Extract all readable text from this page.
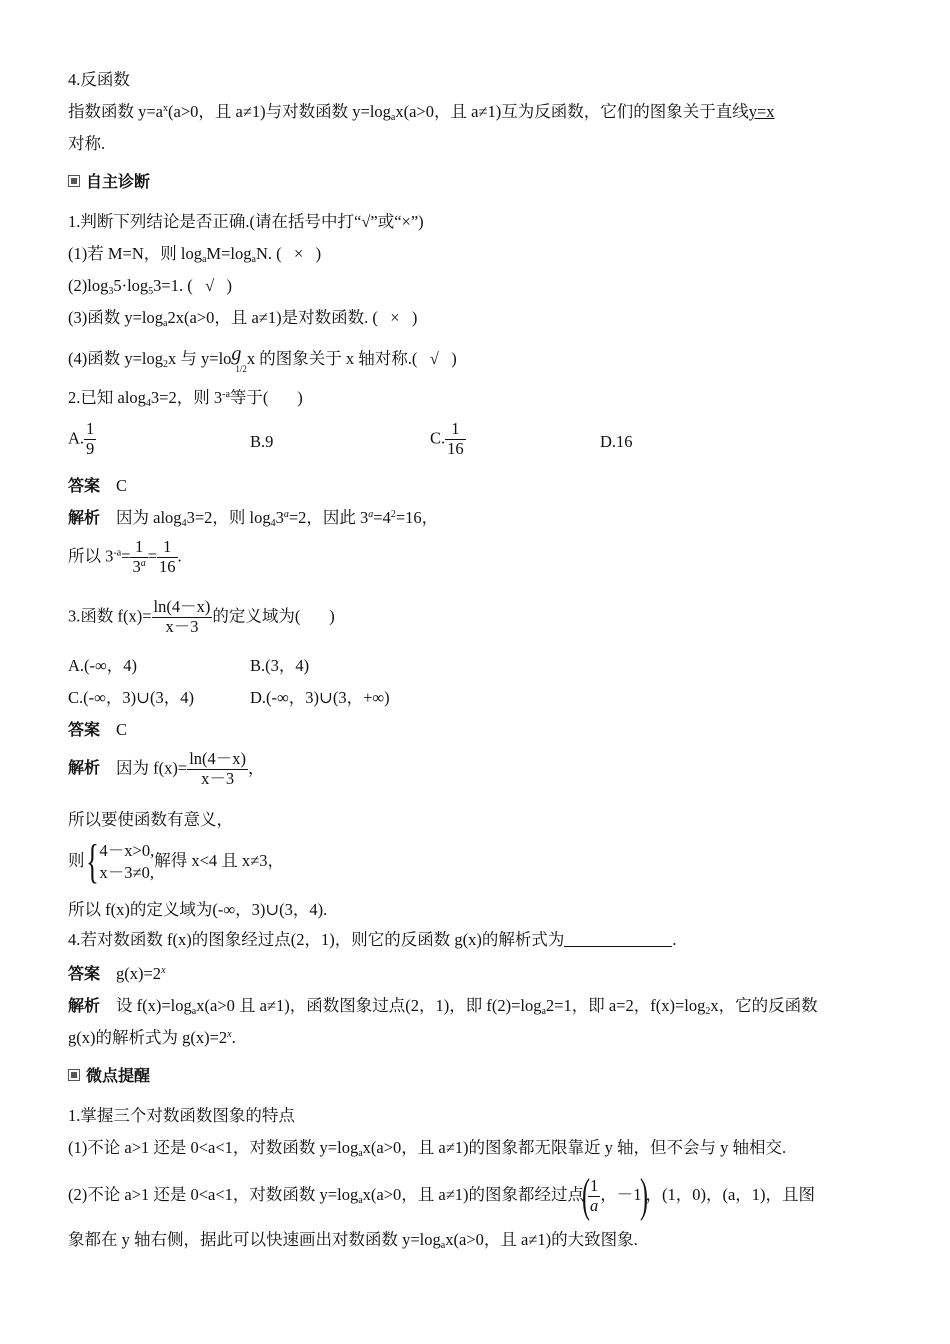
4.反函数
指数函数 $y=a^x(a>0$，且 a≠1)与对数函数 $y=\log_ax(a>0$，且 a≠1)互为反函数，它们的图象关于直线y=x
对称.
自主诊断
1.判断下列结论是否正确.(请在括号中打“√”或“×”)
(1)若 M=N，则 $\log_aM=\log_aN$. ( ×   )
$(2)\log_35\cdot\log_53=1$. ( √   )
(3)函数 $y=\log_a2x(a>0$，且 a≠1)是对数函数. ( ×   )
(4)函数 $y=\log_2x$ 与 $y=\log_{1/2}x$ 的图象关于 x 轴对称.( √   )
2.已知 alog$_4$3=2，则 $3^{-a}$等于(       )
A. $\frac{1}{9}$	B.9	C. $\frac{1}{16}$	D.16
答案 C
解析 因为 alog$_4$3=2，则 $\log_43^a=2$，因此 $3^a=4^2=16$，
所以 $3^{-a}= \frac{1}{3^a} = \frac{1}{16}$ .
3.函数 $f(x)= \frac{\ln(4-x)}{x-3}$ 的定义域为(       )
A.(-∞，4)	B.(3，4)
C.(-∞，3)∪(3，4)	D.(-∞，3)∪(3，+∞)
答案 C
解析 因为 $f(x)= \frac{\ln(4-x)}{x-3}$ ，
所以要使函数有意义，
则{ 4－x>0,
x－3≠0,
解得 x<4 且 x≠3，
所以 f(x)的定义域为(-∞，3)∪(3，4).
4.若对数函数 f(x)的图象经过点(2，1)，则它的反函数 g(x)的解析式为	.
答案 $g(x)=2^x$
解析 设 $f(x)=\log_ax(a>0$ 且 a≠1)，函数图象过点(2，1)，即 $f(2)=\log_a2=1$，即 a=2，$f(x)=\log_2x$，它的反函数
g(x)的解析式为 $g(x)=2^x$.
微点提醒
1.掌握三个对数函数图象的特点
(1)不论 a>1 还是 0<a<1，对数函数 $y=\log_ax(a>0$，且 a≠1)的图象都无限靠近 y 轴，但不会与 y 轴相交.
(2)不论 a>1 还是 0<a<1，对数函数 $y=\log_ax(a>0$，且 a≠1)的图象都经过点(
$\frac{1}{a}$ ，－1)，(1，0)，(a，1)，且图
象都在 y 轴右侧，据此可以快速画出对数函数 $y=\log_ax(a>0$，且 a≠1)的大致图象.
